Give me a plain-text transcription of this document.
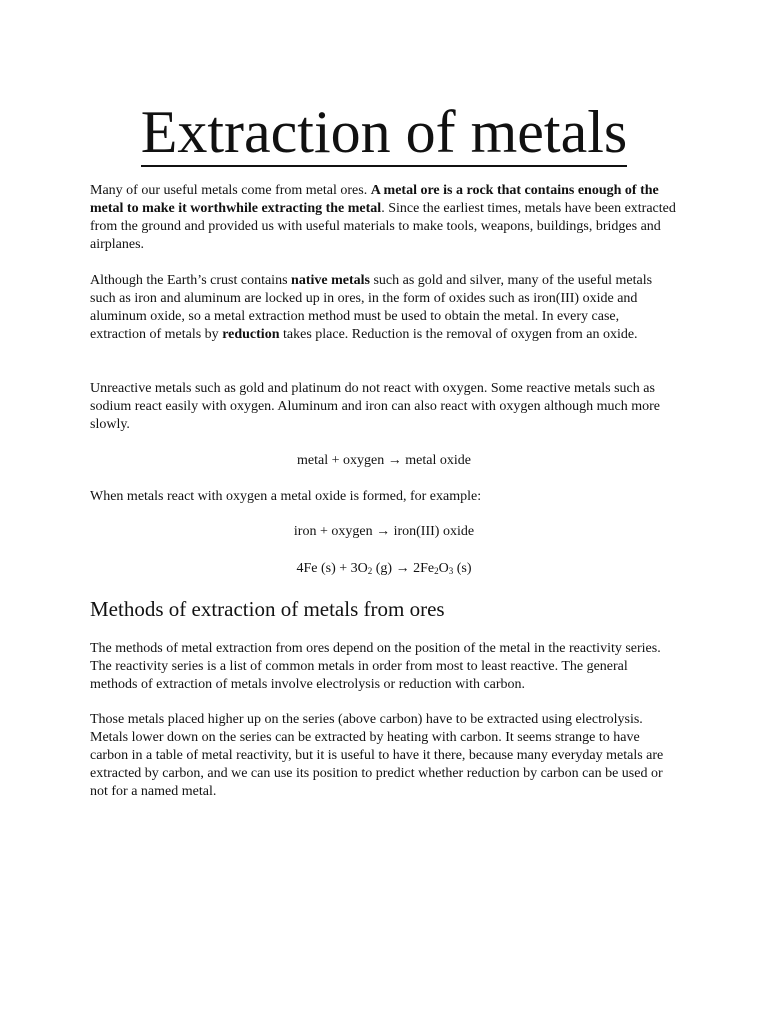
Extraction of metals

Many of our useful metals come from metal ores. A metal ore is a rock that contains enough of the metal to make it worthwhile extracting the metal. Since the earliest times, metals have been extracted from the ground and provided us with useful materials to make tools, weapons, buildings, bridges and airplanes.

Although the Earth’s crust contains native metals such as gold and silver, many of the useful metals such as iron and aluminum are locked up in ores, in the form of oxides such as iron(III) oxide and aluminum oxide, so a metal extraction method must be used to obtain the metal. In every case, extraction of metals by reduction takes place. Reduction is the removal of oxygen from an oxide.

Unreactive metals such as gold and platinum do not react with oxygen. Some reactive metals such as sodium react easily with oxygen. Aluminum and iron can also react with oxygen although much more slowly.

metal + oxygen → metal oxide

When metals react with oxygen a metal oxide is formed, for example:

iron + oxygen → iron(III) oxide

4Fe $(s) + 3O_2$ $(g) \to 2Fe_2O_3$ (s)

Methods of extraction of metals from ores

The methods of metal extraction from ores depend on the position of the metal in the reactivity series. The reactivity series is a list of common metals in order from most to least reactive. The general methods of extraction of metals involve electrolysis or reduction with carbon.

Those metals placed higher up on the series (above carbon) have to be extracted using electrolysis. Metals lower down on the series can be extracted by heating with carbon. It seems strange to have carbon in a table of metal reactivity, but it is useful to have it there, because many everyday metals are extracted by carbon, and we can use its position to predict whether reduction by carbon can be used or not for a named metal.
